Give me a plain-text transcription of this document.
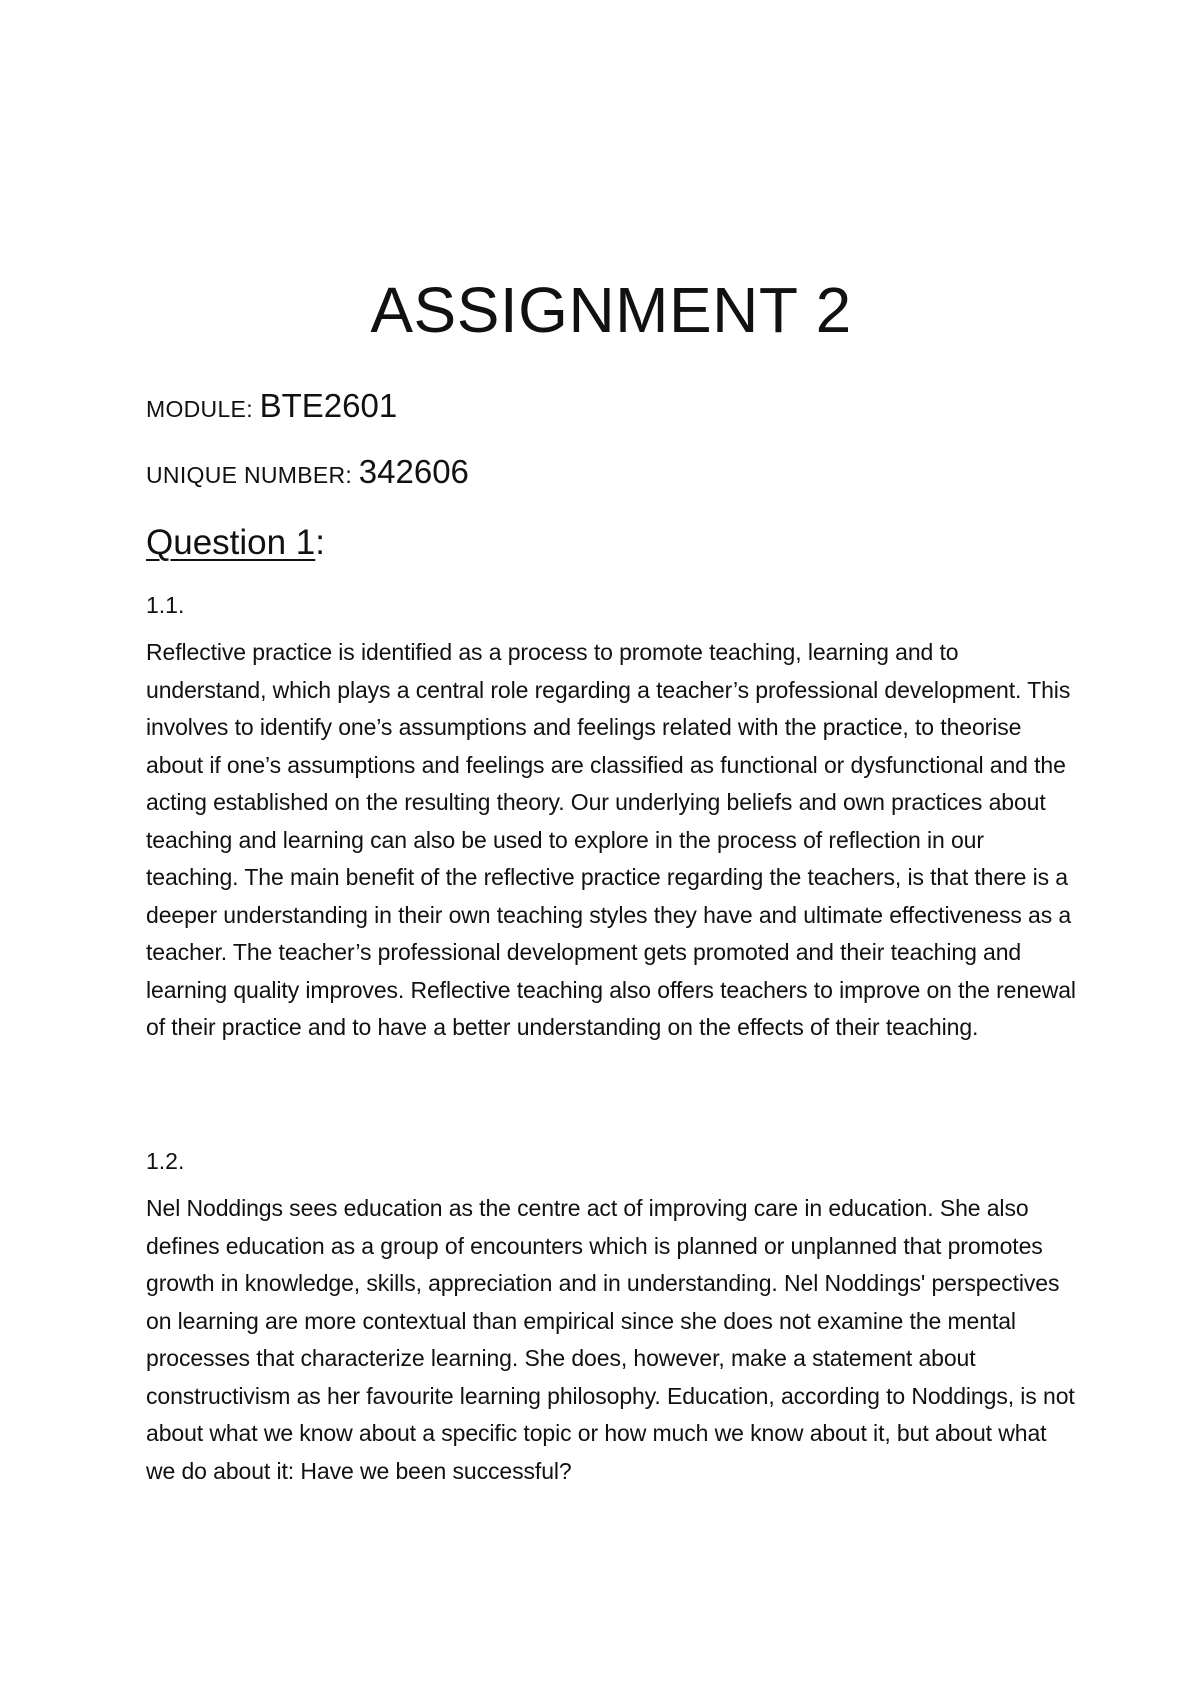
ASSIGNMENT 2

MODULE: BTE2601

UNIQUE NUMBER: 342606

Question 1:

1.1.

Reflective practice is identified as a process to promote teaching, learning and to understand, which plays a central role regarding a teacher’s professional development. This involves to identify one’s assumptions and feelings related with the practice, to theorise about if one’s assumptions and feelings are classified as functional or dysfunctional and the acting established on the resulting theory. Our underlying beliefs and own practices about teaching and learning can also be used to explore in the process of reflection in our teaching. The main benefit of the reflective practice regarding the teachers, is that there is a deeper understanding in their own teaching styles they have and ultimate effectiveness as a teacher. The teacher’s professional development gets promoted and their teaching and learning quality improves. Reflective teaching also offers teachers to improve on the renewal of their practice and to have a better understanding on the effects of their teaching.

1.2.

Nel Noddings sees education as the centre act of improving care in education. She also defines education as a group of encounters which is planned or unplanned that promotes growth in knowledge, skills, appreciation and in understanding. Nel Noddings' perspectives on learning are more contextual than empirical since she does not examine the mental processes that characterize learning. She does, however, make a statement about constructivism as her favourite learning philosophy. Education, according to Noddings, is not about what we know about a specific topic or how much we know about it, but about what we do about it: Have we been successful?
